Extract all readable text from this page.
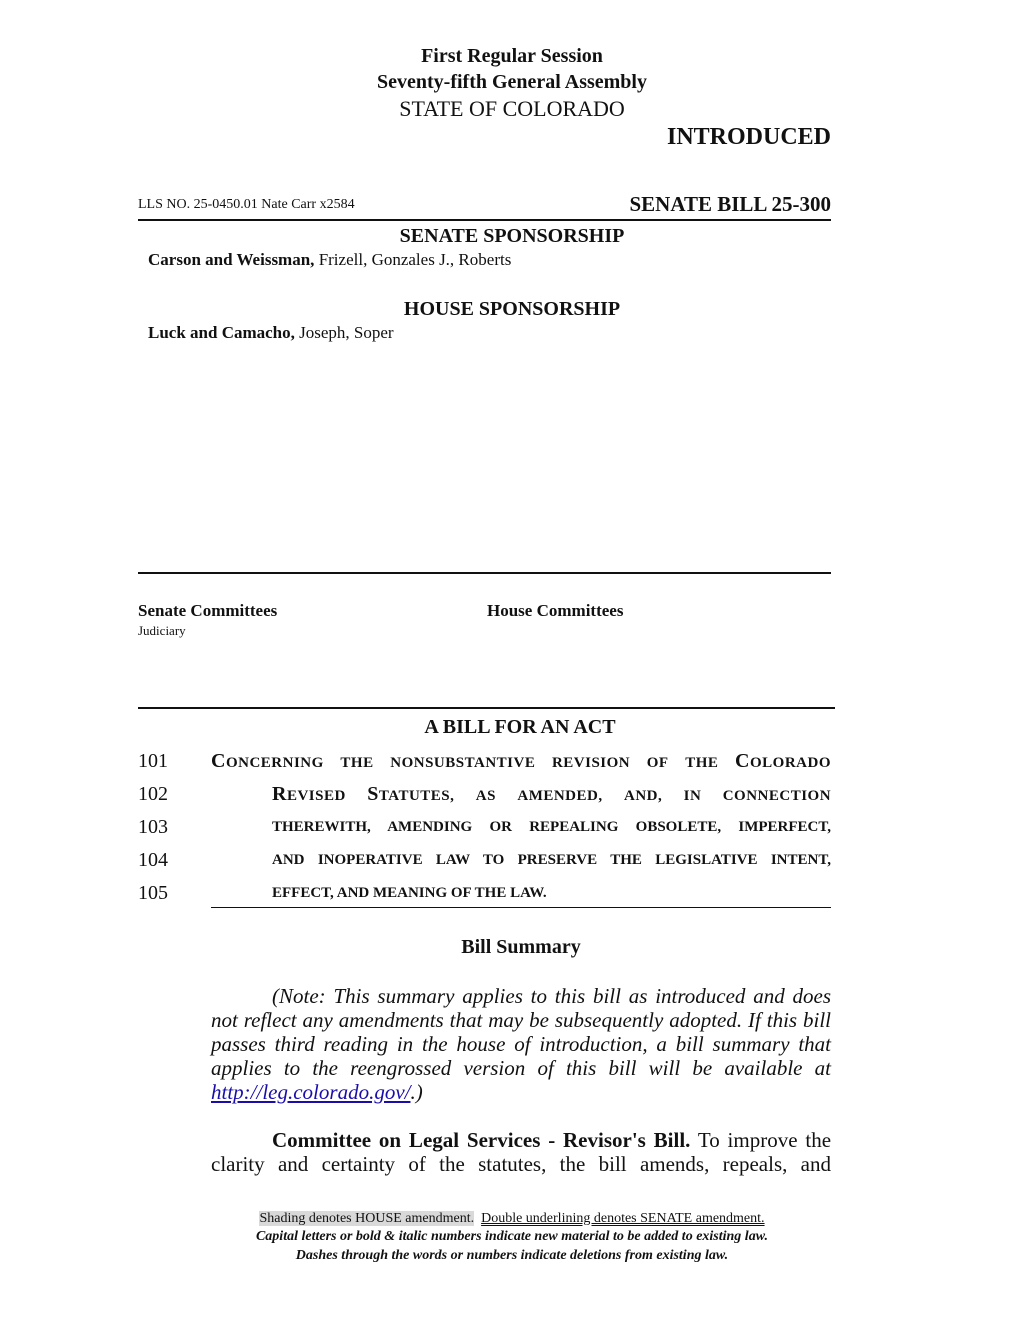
First Regular Session
Seventy-fifth General Assembly
STATE OF COLORADO
INTRODUCED
LLS NO. 25-0450.01 Nate Carr x2584	SENATE BILL 25-300
SENATE SPONSORSHIP
Carson and Weissman, Frizell, Gonzales J., Roberts
HOUSE SPONSORSHIP
Luck and Camacho, Joseph, Soper
Senate Committees
Judiciary
House Committees
A BILL FOR AN ACT
101 CONCERNING THE NONSUBSTANTIVE REVISION OF THE COLORADO
102	REVISED STATUTES, AS AMENDED, AND, IN CONNECTION
103	THEREWITH, AMENDING OR REPEALING OBSOLETE, IMPERFECT,
104	AND INOPERATIVE LAW TO PRESERVE THE LEGISLATIVE INTENT,
105	EFFECT, AND MEANING OF THE LAW.
Bill Summary
(Note: This summary applies to this bill as introduced and does not reflect any amendments that may be subsequently adopted. If this bill passes third reading in the house of introduction, a bill summary that applies to the reengrossed version of this bill will be available at http://leg.colorado.gov/.)
Committee on Legal Services - Revisor's Bill. To improve the clarity and certainty of the statutes, the bill amends, repeals, and
Shading denotes HOUSE amendment. Double underlining denotes SENATE amendment.
Capital letters or bold & italic numbers indicate new material to be added to existing law.
Dashes through the words or numbers indicate deletions from existing law.
